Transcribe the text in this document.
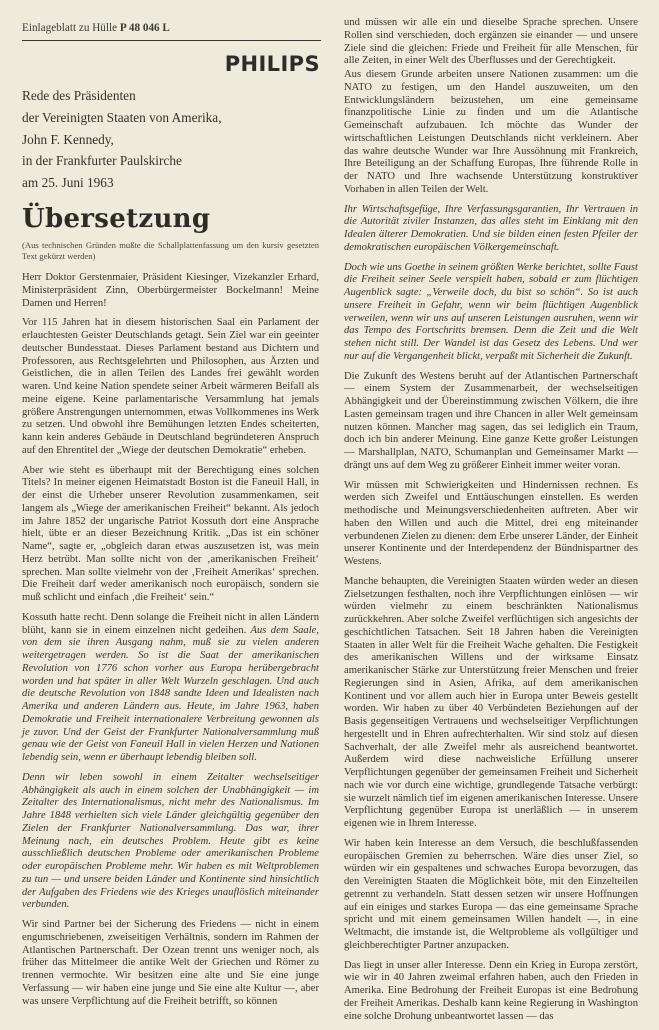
Einlageblatt zu Hülle P 48 046 L
PHILIPS
Rede des Präsidenten
der Vereinigten Staaten von Amerika,
John F. Kennedy,
in der Frankfurter Paulskirche
am 25. Juni 1963
Übersetzung
(Aus technischen Gründen mußte die Schallplattenfassung um den kursiv gesetzten Text gekürzt werden)

Herr Doktor Gerstenmaier, Präsident Kiesinger, Vizekanzler Erhard, Ministerpräsident Zinn, Oberbürgermeister Bockelmann! Meine Damen und Herren!

Vor 115 Jahren hat in diesem historischen Saal ein Parlament der erlauchtesten Geister Deutschlands getagt. Sein Ziel war ein geeinter deutscher Bundesstaat. Dieses Parlament bestand aus Dichtern und Professoren, aus Rechtsgelehrten und Philosophen, aus Ärzten und Geistlichen, die in allen Teilen des Landes frei gewählt worden waren. Und keine Nation spendete seiner Arbeit wärmeren Beifall als meine eigene. Keine parlamentarische Versammlung hat jemals größere Anstrengungen unternommen, etwas Vollkommenes ins Werk zu setzen. Und obwohl ihre Bemühungen letzten Endes scheiterten, kann kein anderes Gebäude in Deutschland begründeteren Anspruch auf den Ehrentitel der „Wiege der deutschen Demokratie“ erheben.

Aber wie steht es überhaupt mit der Berechtigung eines solchen Titels? In meiner eigenen Heimatstadt Boston ist die Faneuil Hall, in der einst die Urheber unserer Revolution zusammenkamen, seit langem als „Wiege der amerikanischen Freiheit“ bekannt. Als jedoch im Jahre 1852 der ungarische Patriot Kossuth dort eine Ansprache hielt, übte er an dieser Bezeichnung Kritik. „Das ist ein schöner Name“, sagte er, „obgleich daran etwas auszusetzen ist, was mein Herz betrübt. Man sollte nicht von der ‚amerikanischen Freiheit‘ sprechen. Man sollte vielmehr von der ‚Freiheit Amerikas‘ sprechen. Die Freiheit darf weder amerikanisch noch europäisch, sondern sie muß schlicht und einfach ‚die Freiheit‘ sein.“

Kossuth hatte recht. Denn solange die Freiheit nicht in allen Ländern blüht, kann sie in einem einzelnen nicht gedeihen. Aus dem Saale, von dem sie ihren Ausgang nahm, muß sie zu vielen anderen weitergetragen werden. So ist die Saat der amerikanischen Revolution von 1776 schon vorher aus Europa herübergebracht worden und hat später in aller Welt Wurzeln geschlagen. Und auch die deutsche Revolution von 1848 sandte Ideen und Idealisten nach Amerika und anderen Ländern aus. Heute, im Jahre 1963, haben Demokratie und Freiheit internationalere Verbreitung gewonnen als je zuvor. Und der Geist der Frankfurter Nationalversammlung muß genau wie der Geist von Faneuil Hall in vielen Herzen und Nationen lebendig sein, wenn er überhaupt lebendig bleiben soll.

Denn wir leben sowohl in einem Zeitalter wechselseitiger Abhängigkeit als auch in einem solchen der Unabhängigkeit — im Zeitalter des Internationalismus, nicht mehr des Nationalismus. Im Jahre 1848 verhielten sich viele Länder gleichgültig gegenüber den Zielen der Frankfurter Nationalversammlung. Das war, ihrer Meinung nach, ein deutsches Problem. Heute gibt es keine ausschließlich deutschen Probleme oder amerikanischen Probleme oder europäischen Probleme mehr. Wir haben es mit Weltproblemen zu tun — und unsere beiden Länder und Kontinente sind hinsichtlich der Aufgaben des Friedens wie des Krieges unauflöslich miteinander verbunden.

Wir sind Partner bei der Sicherung des Friedens — nicht in einem engumschriebenen, zweiseitigen Verhältnis, sondern im Rahmen der Atlantischen Partnerschaft. Der Ozean trennt uns weniger noch, als früher das Mittelmeer die antike Welt der Griechen und Römer zu trennen vermochte. Wir besitzen eine alte und Sie eine junge Verfassung — wir haben eine junge und Sie eine alte Kultur —, aber was unsere Verpflichtung auf die Freiheit betrifft, so können

und müssen wir alle ein und dieselbe Sprache sprechen. Unsere Rollen sind verschieden, doch ergänzen sie einander — und unsere Ziele sind die gleichen: Friede und Freiheit für alle Menschen, für alle Zeiten, in einer Welt des Überflusses und der Gerechtigkeit.

Aus diesem Grunde arbeiten unsere Nationen zusammen: um die NATO zu festigen, um den Handel auszuweiten, um den Entwicklungsländern beizustehen, um eine gemeinsame finanzpolitische Linie zu finden und um die Atlantische Gemeinschaft aufzubauen. Ich möchte das Wunder der wirtschaftlichen Leistungen Deutschlands nicht verkleinern. Aber das wahre deutsche Wunder war Ihre Aussöhnung mit Frankreich, Ihre Beteiligung an der Schaffung Europas, Ihre führende Rolle in der NATO und Ihre wachsende Unterstützung konstruktiver Vorhaben in allen Teilen der Welt.

Ihr Wirtschaftsgefüge, Ihre Verfassungsgarantien, Ihr Vertrauen in die Autorität ziviler Instanzen, das alles steht im Einklang mit den Idealen älterer Demokratien. Und sie bilden einen festen Pfeiler der demokratischen europäischen Völkergemeinschaft.

Doch wie uns Goethe in seinem größten Werke berichtet, sollte Faust die Freiheit seiner Seele verspielt haben, sobald er zum flüchtigen Augenblick sagte: „Verweile doch, du bist so schön“. So ist auch unsere Freiheit in Gefahr, wenn wir beim flüchtigen Augenblick verweilen, wenn wir uns auf unseren Leistungen ausruhen, wenn wir das Tempo des Fortschritts bremsen. Denn die Zeit und die Welt stehen nicht still. Der Wandel ist das Gesetz des Lebens. Und wer nur auf die Vergangenheit blickt, verpaßt mit Sicherheit die Zukunft.

Die Zukunft des Westens beruht auf der Atlantischen Partnerschaft — einem System der Zusammenarbeit, der wechselseitigen Abhängigkeit und der Übereinstimmung zwischen Völkern, die ihre Lasten gemeinsam tragen und ihre Chancen in aller Welt gemeinsam nutzen können. Mancher mag sagen, das sei lediglich ein Traum, doch ich bin anderer Meinung. Eine ganze Kette großer Leistungen — Marshallplan, NATO, Schumanplan und Gemeinsamer Markt — drängt uns auf dem Weg zu größerer Einheit immer weiter voran.

Wir müssen mit Schwierigkeiten und Hindernissen rechnen. Es werden sich Zweifel und Enttäuschungen einstellen. Es werden methodische und Meinungsverschiedenheiten auftreten. Aber wir haben den Willen und auch die Mittel, drei eng miteinander verbundenen Zielen zu dienen: dem Erbe unserer Länder, der Einheit unserer Kontinente und der Interdependenz der Bündnispartner des Westens.

Manche behaupten, die Vereinigten Staaten würden weder an diesen Zielsetzungen festhalten, noch ihre Verpflichtungen einlösen — wir würden vielmehr zu einem beschränkten Nationalismus zurückkehren. Aber solche Zweifel verflüchtigen sich angesichts der geschichtlichen Tatsachen. Seit 18 Jahren haben die Vereinigten Staaten in aller Welt für die Freiheit Wache gehalten. Die Festigkeit des amerikanischen Willens und der wirksame Einsatz amerikanischer Stärke zur Unterstützung freier Menschen und freier Regierungen sind in Asien, Afrika, auf dem amerikanischen Kontinent und vor allem auch hier in Europa unter Beweis gestellt worden. Wir haben zu über 40 Verbündeten Beziehungen auf der Basis gegenseitigen Vertrauens und wechselseitiger Verpflichtungen hergestellt und in Ehren aufrechterhalten. Wir sind stolz auf diesen Sachverhalt, der alle Zweifel mehr als ausreichend beantwortet. Außerdem wird diese nachweisliche Erfüllung unserer Verpflichtungen gegenüber der gemeinsamen Freiheit und Sicherheit nach wie vor durch eine wichtige, grundlegende Tatsache verbürgt: sie wurzelt nämlich tief im eigenen amerikanischen Interesse. Unsere Verpflichtung gegenüber Europa ist unerläßlich — in unserem eigenen wie in Ihrem Interesse.

Wir haben kein Interesse an dem Versuch, die beschlußfassenden europäischen Gremien zu beherrschen. Wäre dies unser Ziel, so würden wir ein gespaltenes und schwaches Europa bevorzugen, das den Vereinigten Staaten die Möglichkeit böte, mit den Einzelteilen getrennt zu verhandeln. Statt dessen setzen wir unsere Hoffnungen auf ein einiges und starkes Europa — das eine gemeinsame Sprache spricht und mit einem gemeinsamen Willen handelt —, in eine Weltmacht, die imstande ist, die Weltprobleme als vollgültiger und gleichberechtigter Partner anzupacken.

Das liegt in unser aller Interesse. Denn ein Krieg in Europa zerstört, wie wir in 40 Jahren zweimal erfahren haben, auch den Frieden in Amerika. Eine Bedrohung der Freiheit Europas ist eine Bedrohung der Freiheit Amerikas. Deshalb kann keine Regierung in Washington eine solche Drohung unbeantwortet lassen — das
